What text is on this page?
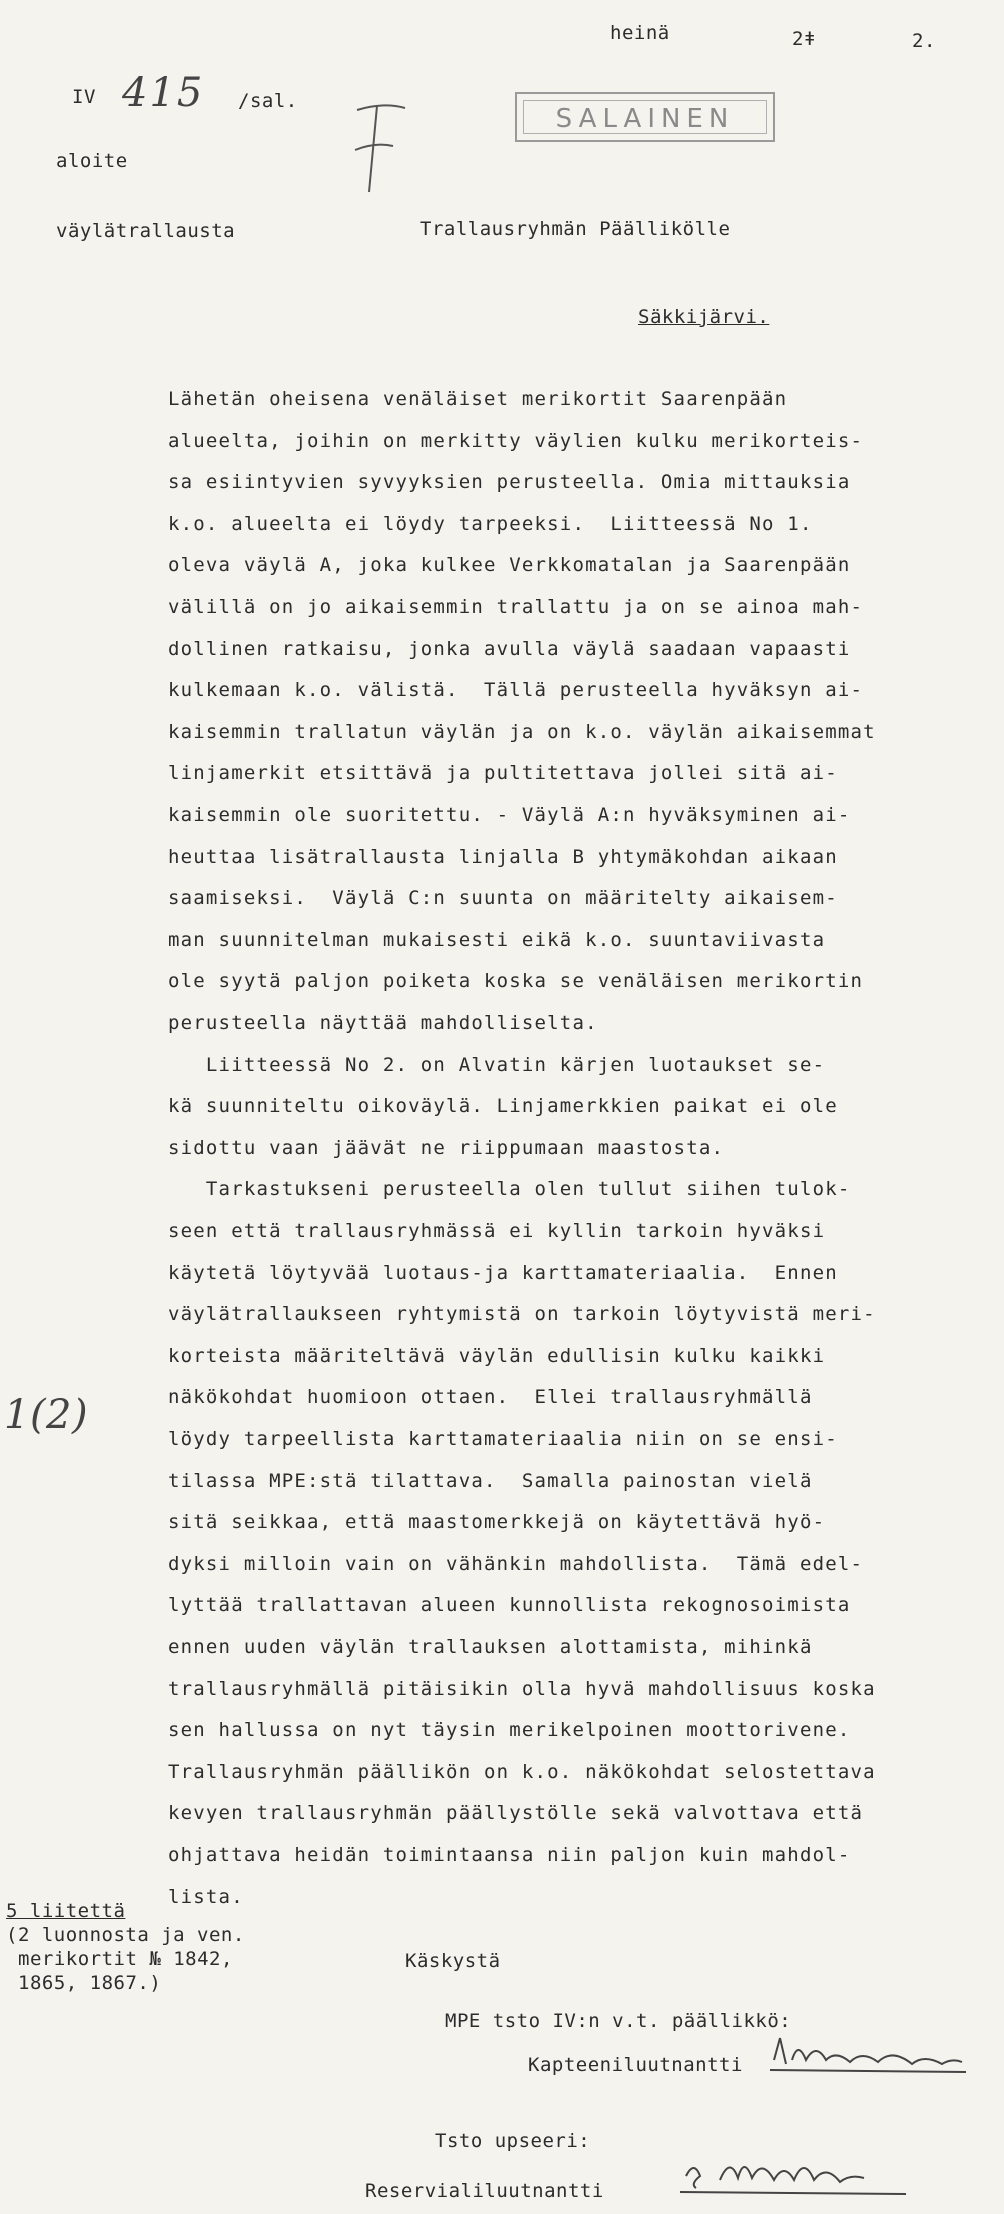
heinä	2ǂ	2.
IV 415 /sal.
SALAINEN
aloite
väylätrallausta	Trallausryhmän Päällikölle
Säkkijärvi.
Lähetän oheisena venäläiset merikortit Saarenpään
alueelta, joihin on merkitty väylien kulku merikorteis-
sa esiintyvien syvyyksien perusteella. Omia mittauksia
k.o. alueelta ei löydy tarpeeksi.  Liitteessä No 1.
oleva väylä A, joka kulkee Verkkomatalan ja Saarenpään
välillä on jo aikaisemmin trallattu ja on se ainoa mah-
dollinen ratkaisu, jonka avulla väylä saadaan vapaasti
kulkemaan k.o. välistä.  Tällä perusteella hyväksyn ai-
kaisemmin trallatun väylän ja on k.o. väylän aikaisemmat
linjamerkit etsittävä ja pultitettava jollei sitä ai-
kaisemmin ole suoritettu. - Väylä A:n hyväksyminen ai-
heuttaa lisätrallausta linjalla B yhtymäkohdan aikaan
saamiseksi.  Väylä C:n suunta on määritelty aikaisem-
man suunnitelman mukaisesti eikä k.o. suuntaviivasta
ole syytä paljon poiketa koska se venäläisen merikortin
perusteella näyttää mahdolliselta.
Liitteessä No 2. on Alvatin kärjen luotaukset se-
kä suunniteltu oikoväylä. Linjamerkkien paikat ei ole
sidottu vaan jäävät ne riippumaan maastosta.
Tarkastukseni perusteella olen tullut siihen tulok-
seen että trallausryhmässä ei kyllin tarkoin hyväksi
käytetä löytyvää luotaus-ja karttamateriaalia.  Ennen
väylätrallaukseen ryhtymistä on tarkoin löytyvistä meri-
korteista määriteltävä väylän edullisin kulku kaikki
näkökohdat huomioon ottaen.  Ellei trallausryhmällä
löydy tarpeellista karttamateriaalia niin on se ensi-
tilassa MPE:stä tilattava.  Samalla painostan vielä
sitä seikkaa, että maastomerkkejä on käytettävä hyö-
dyksi milloin vain on vähänkin mahdollista.  Tämä edel-
lyttää trallattavan alueen kunnollista rekognosoimista
ennen uuden väylän trallauksen alottamista, mihinkä
trallausryhmällä pitäisikin olla hyvä mahdollisuus koska
sen hallussa on nyt täysin merikelpoinen moottorivene.
Trallausryhmän päällikön on k.o. näkökohdat selostettava
kevyen trallausryhmän päällystölle sekä valvottava että
ohjattava heidän toimintaansa niin paljon kuin mahdol-
lista.
1(2)
5 liitettä
(2 luonnosta ja ven.
merikortit № 1842,
1865, 1867.)
Käskystä
MPE tsto IV:n v.t. päällikkö:
Kapteeniluutnantti
Tsto upseeri:
Reservialiluutnantti
